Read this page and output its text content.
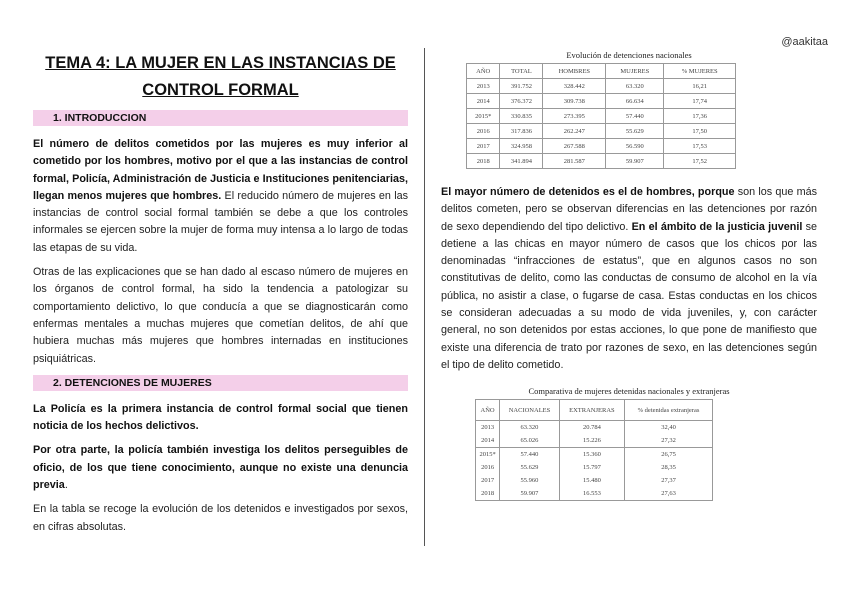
@aakitaa
TEMA 4: LA MUJER EN LAS INSTANCIAS DE CONTROL FORMAL
1. INTRODUCCION

El número de delitos cometidos por las mujeres es muy inferior al cometido por los hombres, motivo por el que a las instancias de control formal, Policía, Administración de Justicia e Instituciones penitenciarias, llegan menos mujeres que hombres. El reducido número de mujeres en las instancias de control social formal también se debe a que los controles informales se ejercen sobre la mujer de forma muy intensa a lo largo de todas las etapas de su vida.

Otras de las explicaciones que se han dado al escaso número de mujeres en los órganos de control formal, ha sido la tendencia a patologizar su comportamiento delictivo, lo que conducía a que se diagnosticarán como enfermas mentales a muchas mujeres que cometían delitos, de ahí que hubiera muchas más mujeres que hombres internadas en instituciones psiquiátricas.

2. DETENCIONES DE MUJERES

La Policía es la primera instancia de control formal social que tienen noticia de los hechos delictivos.

Por otra parte, la policía también investiga los delitos perseguibles de oficio, de los que tiene conocimiento, aunque no existe una denuncia previa.

En la tabla se recoge la evolución de los detenidos e investigados por sexos, en cifras absolutas.

Evolución de detenciones nacionales
AÑO	TOTAL	HOMBRES	MUJERES	% MUJERES
2013	391.752	328.442	63.320	16,21
2014	376.372	309.738	66.634	17,74
2015*	330.835	273.395	57.440	17,36
2016	317.836	262.247	55.629	17,50
2017	324.958	267.588	56.590	17,53
2018	341.894	281.587	59.907	17,52

El mayor número de detenidos es el de hombres, porque son los que más delitos cometen, pero se observan diferencias en las detenciones por razón de sexo dependiendo del tipo delictivo. En el ámbito de la justicia juvenil se detiene a las chicas en mayor número de casos que los chicos por las denominadas “infracciones de estatus”, que en algunos casos no son constitutivas de delito, como las conductas de consumo de alcohol en la vía pública, no asistir a clase, o fugarse de casa. Estas conductas en los chicos se consideran adecuadas a su modo de vida juveniles, y, con carácter general, no son detenidos por estas acciones, lo que pone de manifiesto que existe una diferencia de trato por razones de sexo, en las detenciones según el tipo de delito cometido.

Comparativa de mujeres detenidas nacionales y extranjeras
AÑO	NACIONALES	EXTRANJERAS	% detenidas extranjeras
2013	63.320	20.784	32,40
2014	65.026	15.226	27,32
2015*	57.440	15.360	26,75
2016	55.629	15.797	28,35
2017	55.960	15.480	27,37
2018	59.907	16.553	27,63
